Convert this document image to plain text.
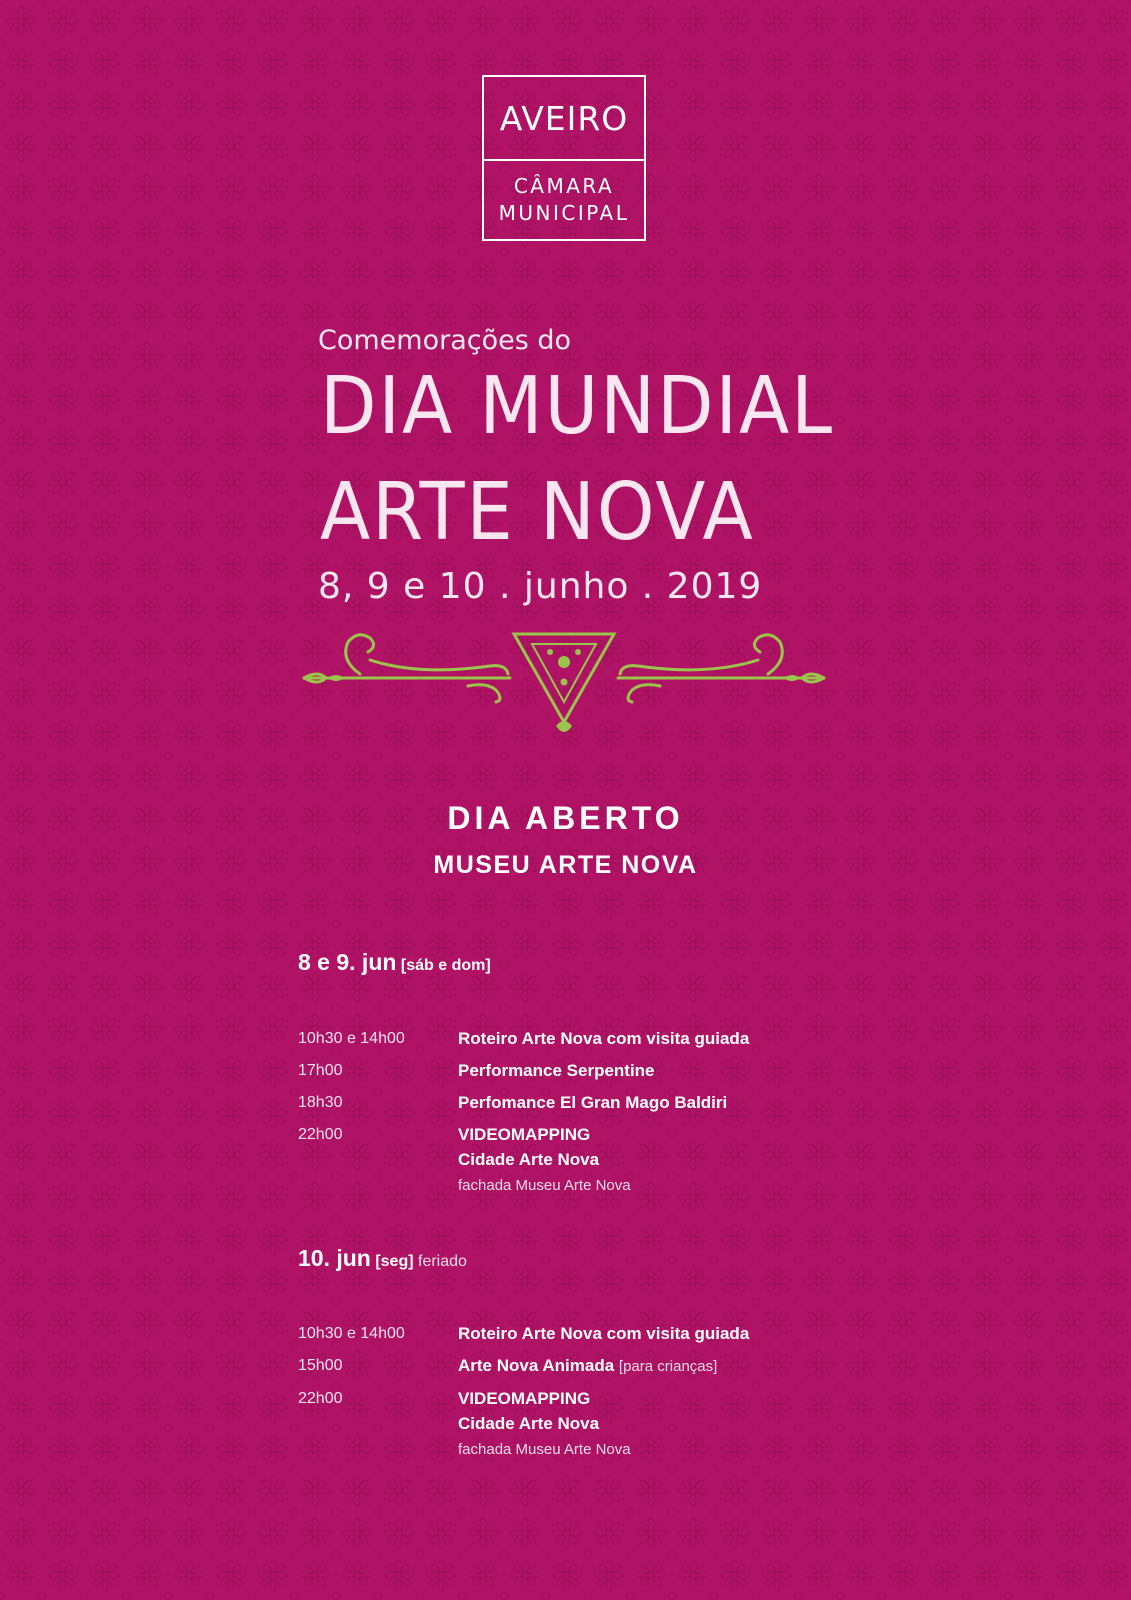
AVEIRO
CÂMARA
MUNICIPAL
Comemorações do
DIA MUNDIAL
ARTE NOVA
8, 9 e 10 . junho . 2019
DIA ABERTO
MUSEU ARTE NOVA
8 e 9. jun [sáb e dom]
10h30 e 14h00	Roteiro Arte Nova com visita guiada
17h00	Performance Serpentine
18h30	Perfomance El Gran Mago Baldiri
22h00	VIDEOMAPPING
Cidade Arte Nova
fachada Museu Arte Nova
10. jun [seg] feriado
10h30 e 14h00	Roteiro Arte Nova com visita guiada
15h00	Arte Nova Animada [para crianças]
22h00	VIDEOMAPPING
Cidade Arte Nova
fachada Museu Arte Nova
